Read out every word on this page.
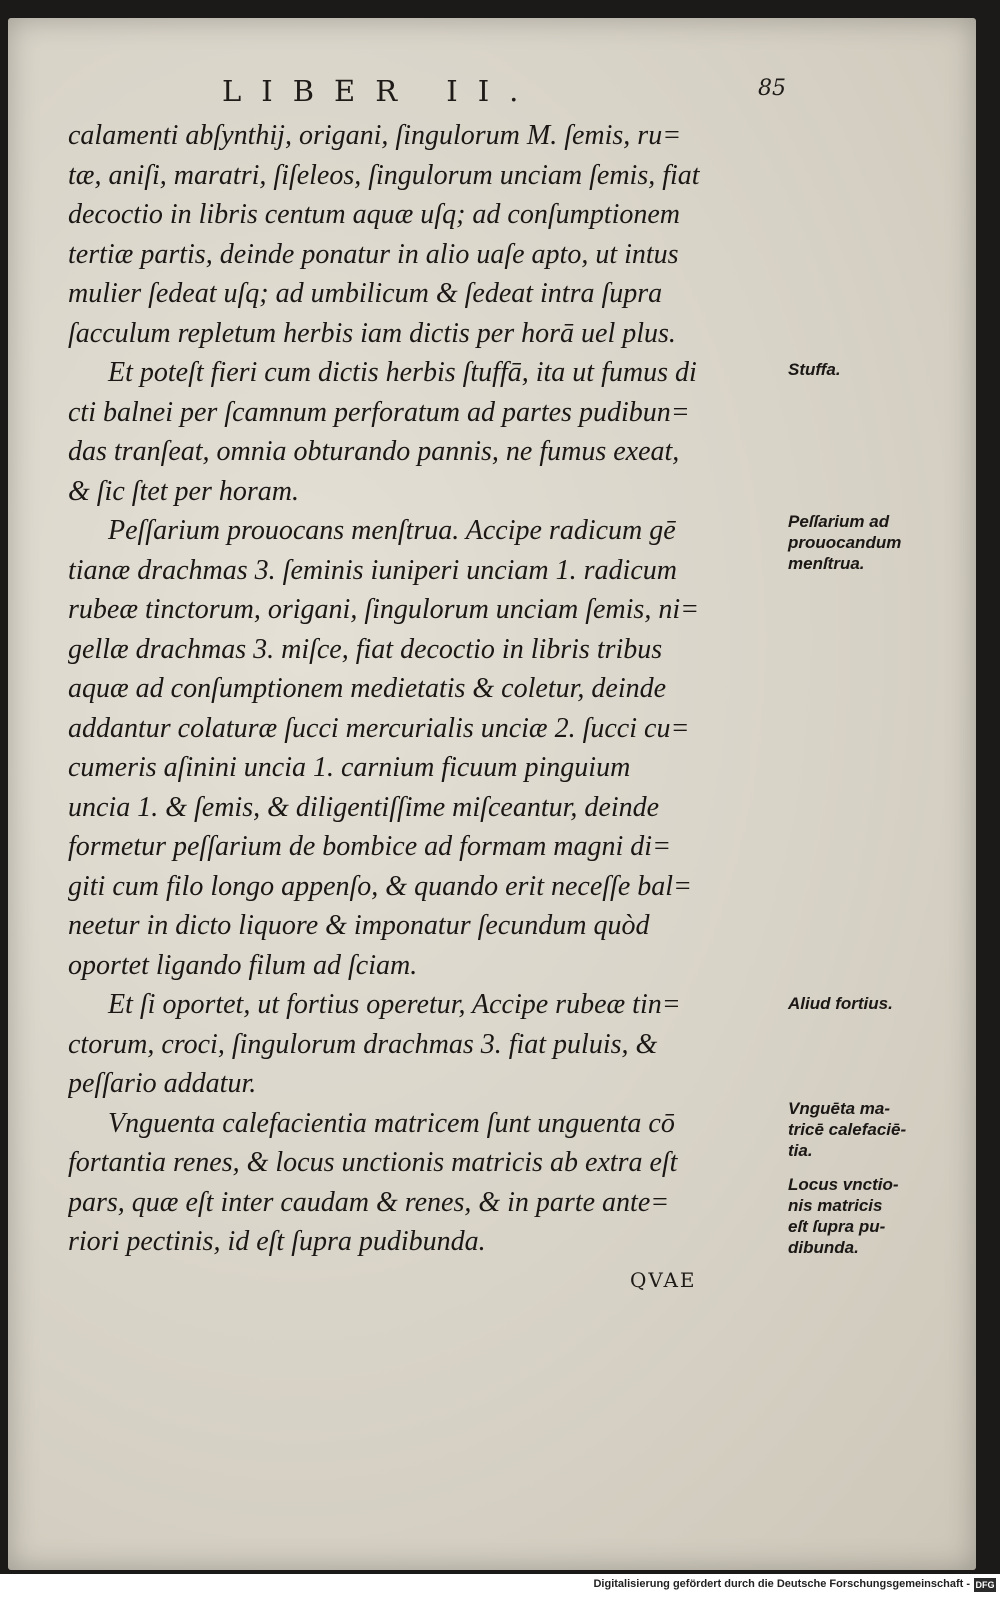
LIBER II.	85
calamenti abſynthij, origani, ſingulorum M. ſemis, ru=
tæ, aniſi, maratri, ſiſeleos, ſingulorum unciam ſemis, fiat
decoctio in libris centum aquæ uſq; ad conſumptionem
tertiæ partis, deinde ponatur in alio uaſe apto, ut intus
mulier ſedeat uſq; ad umbilicum & ſedeat intra ſupra
ſacculum repletum herbis iam dictis per horā uel plus.
Et poteſt fieri cum dictis herbis ſtuffā, ita ut fumus di
cti balnei per ſcamnum perforatum ad partes pudibun=
das tranſeat, omnia obturando pannis, ne fumus exeat,
& ſic ſtet per horam.
Peſſarium prouocans menſtrua. Accipe radicum gē
tianæ drachmas 3. ſeminis iuniperi unciam 1. radicum
rubeæ tinctorum, origani, ſingulorum unciam ſemis, ni=
gellæ drachmas 3. miſce, fiat decoctio in libris tribus
aquæ ad conſumptionem medietatis & coletur, deinde
addantur colaturæ ſucci mercurialis unciæ 2. ſucci cu=
cumeris aſinini uncia 1. carnium ficuum pinguium
uncia 1. & ſemis, & diligentiſſime miſceantur, deinde
formetur peſſarium de bombice ad formam magni di=
giti cum filo longo appenſo, & quando erit neceſſe bal=
neetur in dicto liquore & imponatur ſecundum quòd
oportet ligando filum ad ſciam.
Et ſi oportet, ut fortius operetur, Accipe rubeæ tin=
ctorum, croci, ſingulorum drachmas 3. fiat puluis, &
peſſario addatur.
Vnguenta calefacientia matricem ſunt unguenta cō
fortantia renes, & locus unctionis matricis ab extra eſt
pars, quæ eſt inter caudam & renes, & in parte ante=
riori pectinis, id eſt ſupra pudibunda.
Stuffa.
Peſſarium ad
prouocandum
menſtrua.
Aliud fortius.
Vnguēta ma-
tricē calefaciē-
tia.
Locus vnctio-
nis matricis
eſt ſupra pu-
dibunda.
QVAE
Digitalisierung gefördert durch die Deutsche Forschungsgemeinschaft - DFG
